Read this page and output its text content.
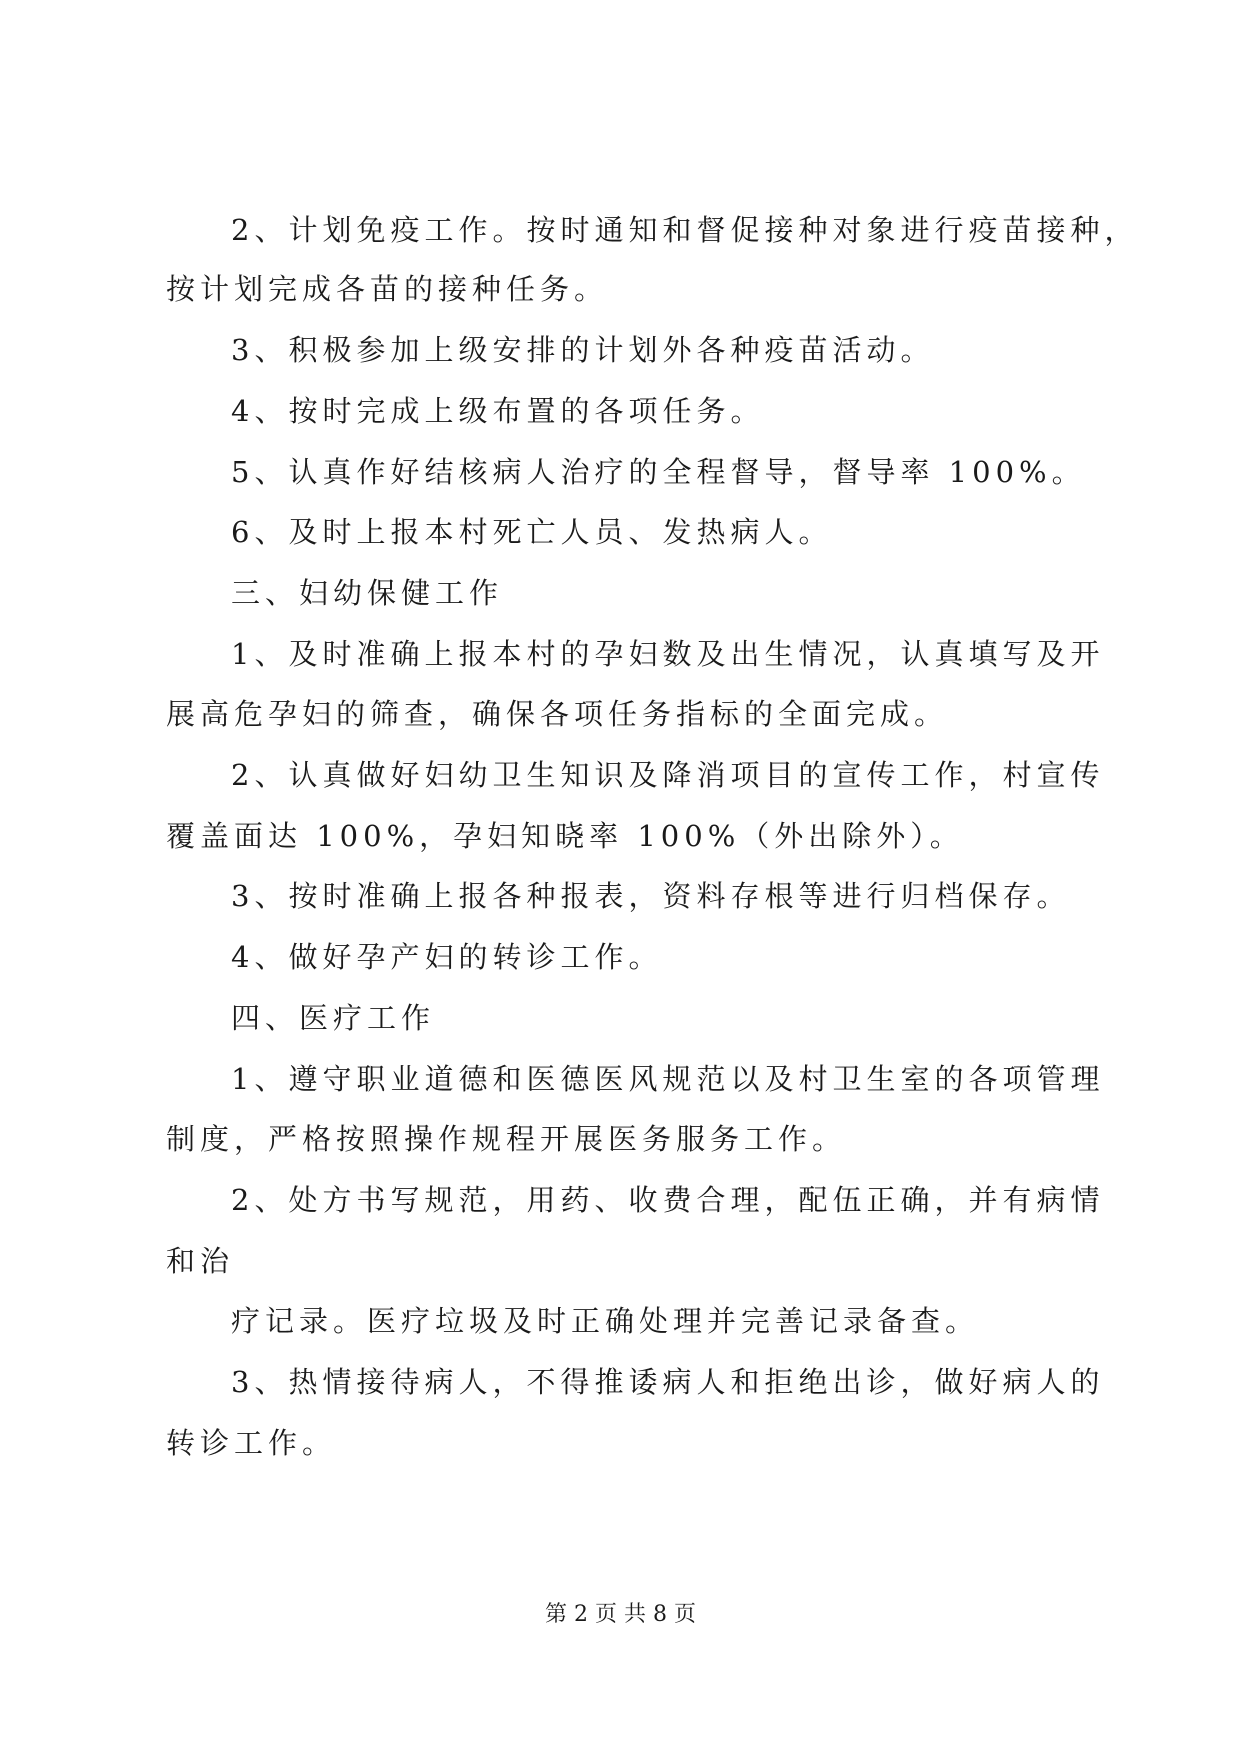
2、计划免疫工作。按时通知和督促接种对象进行疫苗接种，
按计划完成各苗的接种任务。
3、积极参加上级安排的计划外各种疫苗活动。
4、按时完成上级布置的各项任务。
5、认真作好结核病人治疗的全程督导，督导率 100%。
6、及时上报本村死亡人员、发热病人。
三、妇幼保健工作
1、及时准确上报本村的孕妇数及出生情况，认真填写及开
展高危孕妇的筛查，确保各项任务指标的全面完成。
2、认真做好妇幼卫生知识及降消项目的宣传工作，村宣传
覆盖面达 100%，孕妇知晓率 100%（外出除外）。
3、按时准确上报各种报表，资料存根等进行归档保存。
4、做好孕产妇的转诊工作。
四、医疗工作
1、遵守职业道德和医德医风规范以及村卫生室的各项管理
制度，严格按照操作规程开展医务服务工作。
2、处方书写规范，用药、收费合理，配伍正确，并有病情
和治
疗记录。医疗垃圾及时正确处理并完善记录备查。
3、热情接待病人，不得推诿病人和拒绝出诊，做好病人的
转诊工作。
第 2 页 共 8 页
